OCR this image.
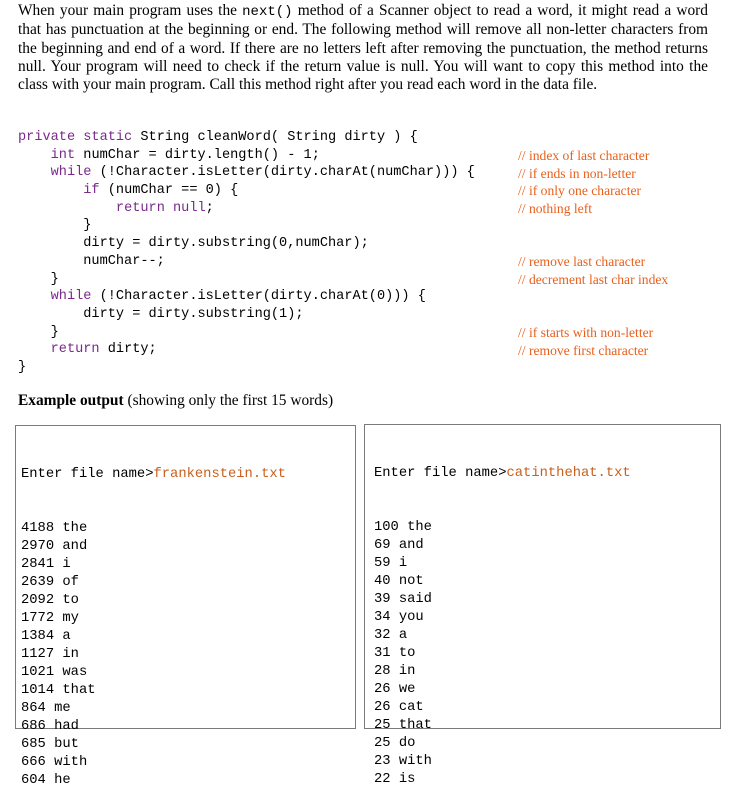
When your main program uses the next() method of a Scanner object to read a word, it might read a word that has punctuation at the beginning or end. The following method will remove all non-letter characters from the beginning and end of a word. If there are no letters left after removing the punctuation, the method returns null. Your program will need to check if the return value is null. You will want to copy this method into the class with your main program. Call this method right after you read each word in the data file.

private static String cleanWord( String dirty ) {
int numChar = dirty.length() - 1;
while (!Character.isLetter(dirty.charAt(numChar))) {
if (numChar == 0) {
return null;
}
dirty = dirty.substring(0,numChar);
numChar--;
}
while (!Character.isLetter(dirty.charAt(0))) {
dirty = dirty.substring(1);
}
return dirty;
}
// index of last character
// if ends in non-letter
// if only one character
// nothing left
// remove last character
// decrement last char index
// if starts with non-letter
// remove first character
Example output (showing only the first 15 words)

Enter file name>frankenstein.txt

4188 the
2970 and
2841 i
2639 of
2092 to
1772 my
1384 a
1127 in
1021 was
1014 that
864 me
686 had
685 but
666 with
604 he

Enter file name>catinthehat.txt

100 the
69 and
59 i
40 not
39 said
34 you
32 a
31 to
28 in
26 we
26 cat
25 that
25 do
23 with
22 is
